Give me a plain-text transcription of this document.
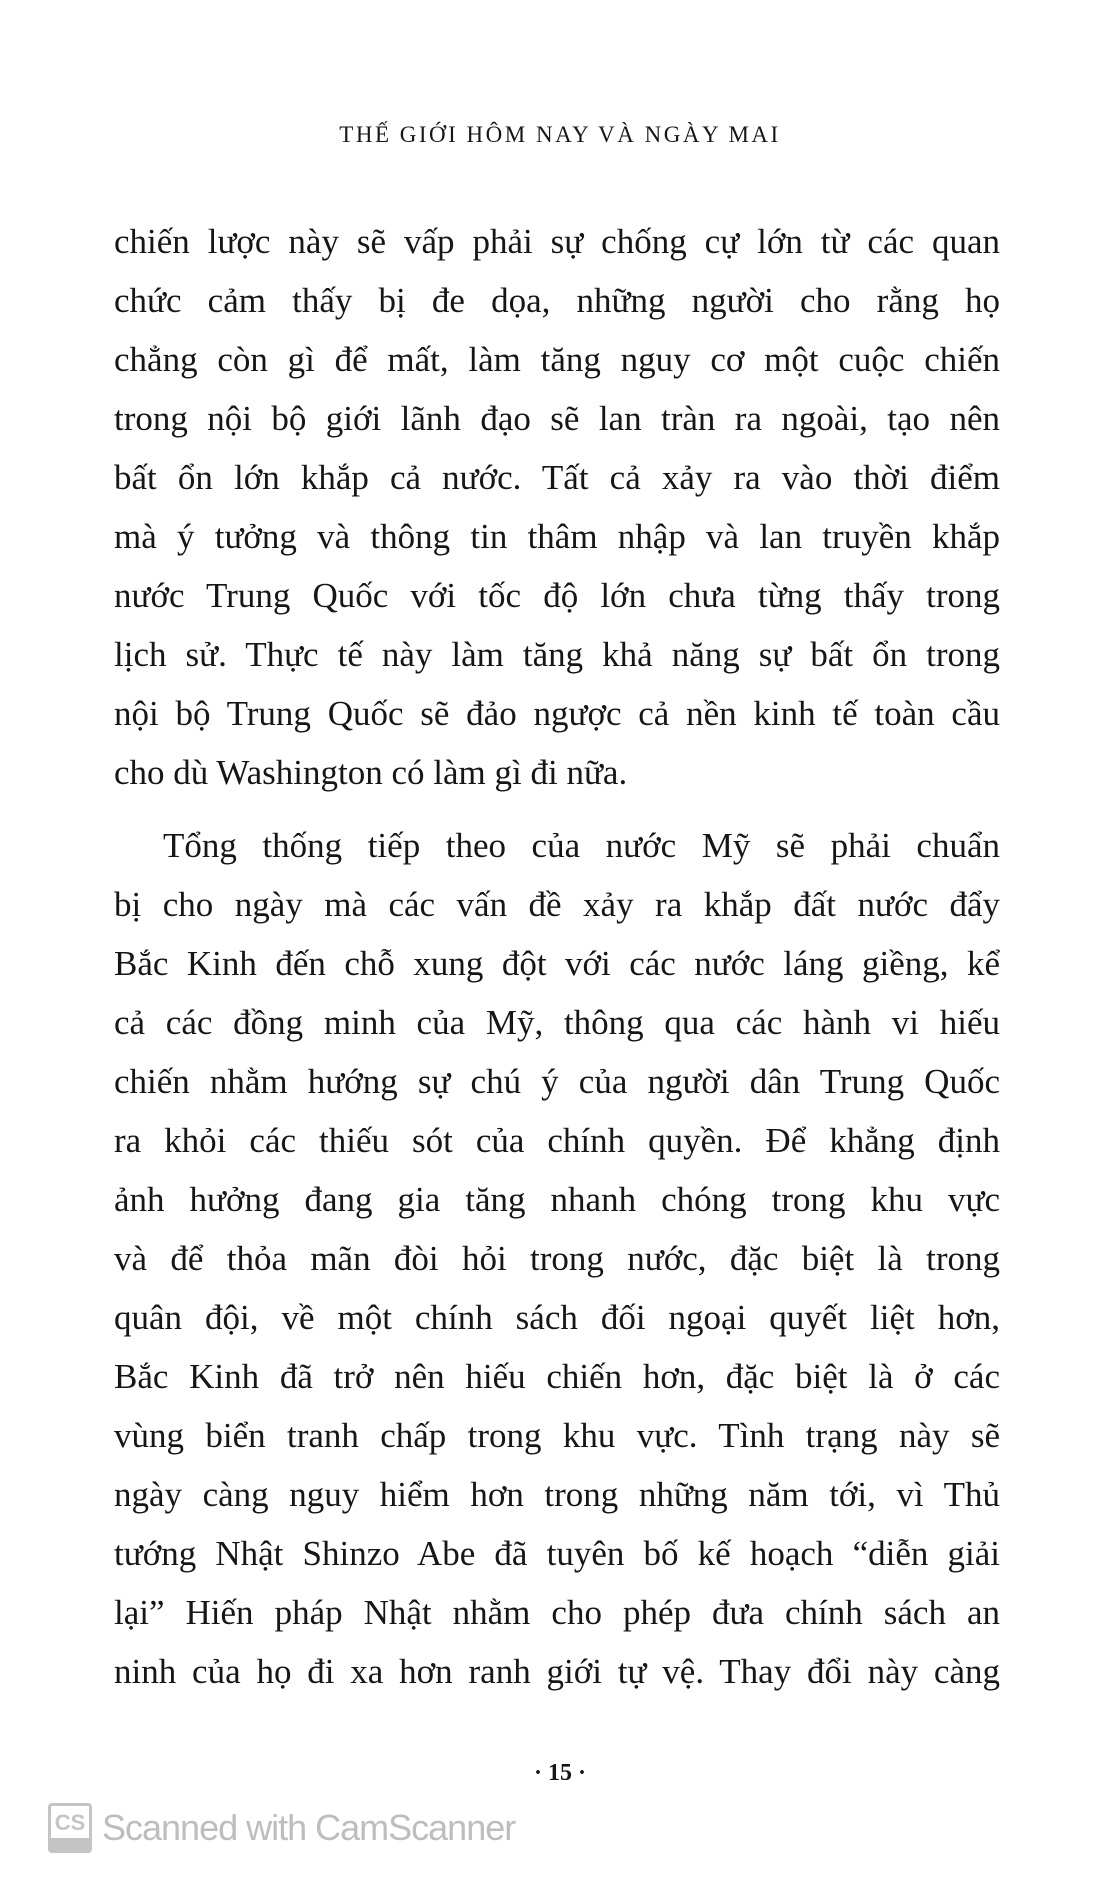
THẾ GIỚI HÔM NAY VÀ NGÀY MAI
chiến lược này sẽ vấp phải sự chống cự lớn từ các quan
chức cảm thấy bị đe dọa, những người cho rằng họ
chẳng còn gì để mất, làm tăng nguy cơ một cuộc chiến
trong nội bộ giới lãnh đạo sẽ lan tràn ra ngoài, tạo nên
bất ổn lớn khắp cả nước. Tất cả xảy ra vào thời điểm
mà ý tưởng và thông tin thâm nhập và lan truyền khắp
nước Trung Quốc với tốc độ lớn chưa từng thấy trong
lịch sử. Thực tế này làm tăng khả năng sự bất ổn trong
nội bộ Trung Quốc sẽ đảo ngược cả nền kinh tế toàn cầu
cho dù Washington có làm gì đi nữa.
Tổng thống tiếp theo của nước Mỹ sẽ phải chuẩn
bị cho ngày mà các vấn đề xảy ra khắp đất nước đẩy
Bắc Kinh đến chỗ xung đột với các nước láng giềng, kể
cả các đồng minh của Mỹ, thông qua các hành vi hiếu
chiến nhằm hướng sự chú ý của người dân Trung Quốc
ra khỏi các thiếu sót của chính quyền. Để khẳng định
ảnh hưởng đang gia tăng nhanh chóng trong khu vực
và để thỏa mãn đòi hỏi trong nước, đặc biệt là trong
quân đội, về một chính sách đối ngoại quyết liệt hơn,
Bắc Kinh đã trở nên hiếu chiến hơn, đặc biệt là ở các
vùng biển tranh chấp trong khu vực. Tình trạng này sẽ
ngày càng nguy hiểm hơn trong những năm tới, vì Thủ
tướng Nhật Shinzo Abe đã tuyên bố kế hoạch “diễn giải
lại” Hiến pháp Nhật nhằm cho phép đưa chính sách an
ninh của họ đi xa hơn ranh giới tự vệ. Thay đổi này càng
· 15 ·
CS Scanned with CamScanner
